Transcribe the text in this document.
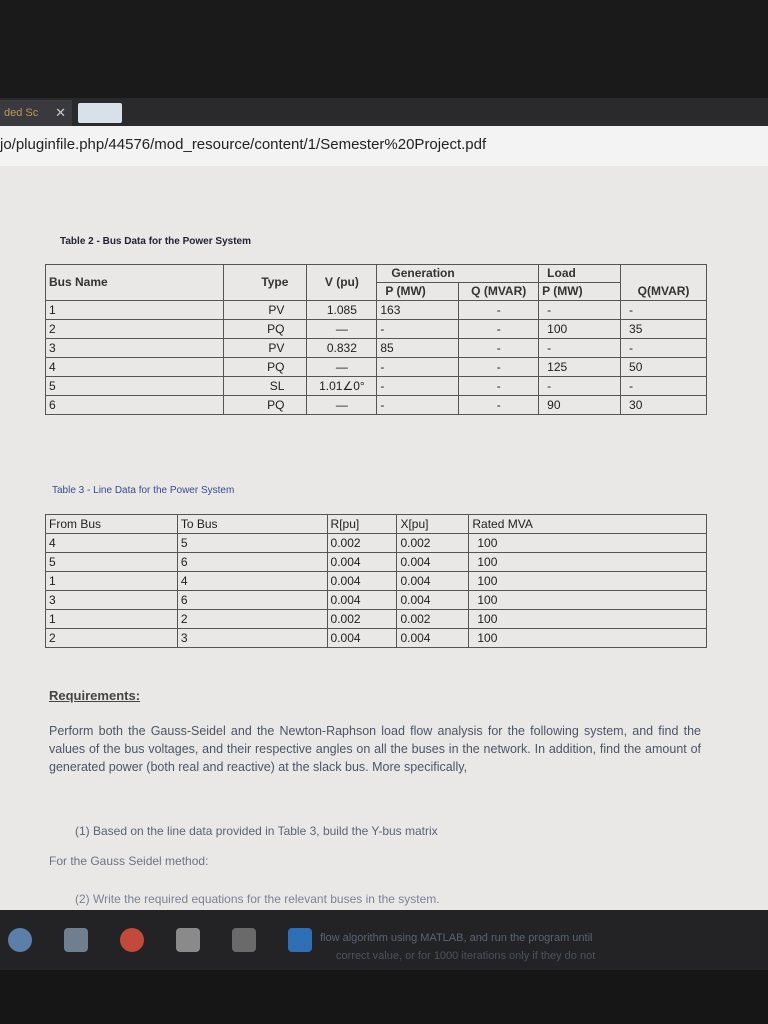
ded Sc ✕
jo/pluginfile.php/44576/mod_resource/content/1/Semester%20Project.pdf
Table 2 - Bus Data for the Power System
Bus Name	Type	V (pu)	Generation		Load	Q(MVAR)
			P (MW)	Q (MVAR)	P (MW)	
1	PV	1.085	163	-	-	-
2	PQ	—	-	-	100	35
3	PV	0.832	85	-	-	-
4	PQ	—	-	-	125	50
5	SL	1.01∠0°	-	-	-	-
6	PQ	—	-	-	90	30
Table 3 - Line Data for the Power System
From Bus	To Bus	R[pu]	X[pu]	Rated MVA
4	5	0.002	0.002	100
5	6	0.004	0.004	100
1	4	0.004	0.004	100
3	6	0.004	0.004	100
1	2	0.002	0.002	100
2	3	0.004	0.004	100
Requirements:
Perform both the Gauss-Seidel and the Newton-Raphson load flow analysis for the following system, and find the values of the bus voltages, and their respective angles on all the buses in the network. In addition, find the amount of generated power (both real and reactive) at the slack bus. More specifically,
(1) Based on the line data provided in Table 3, build the Y-bus matrix
For the Gauss Seidel method:
(2) Write the required equations for the relevant buses in the system.
flow algorithm using MATLAB, and run the program until
correct value, or for 1000 iterations only if they do not
